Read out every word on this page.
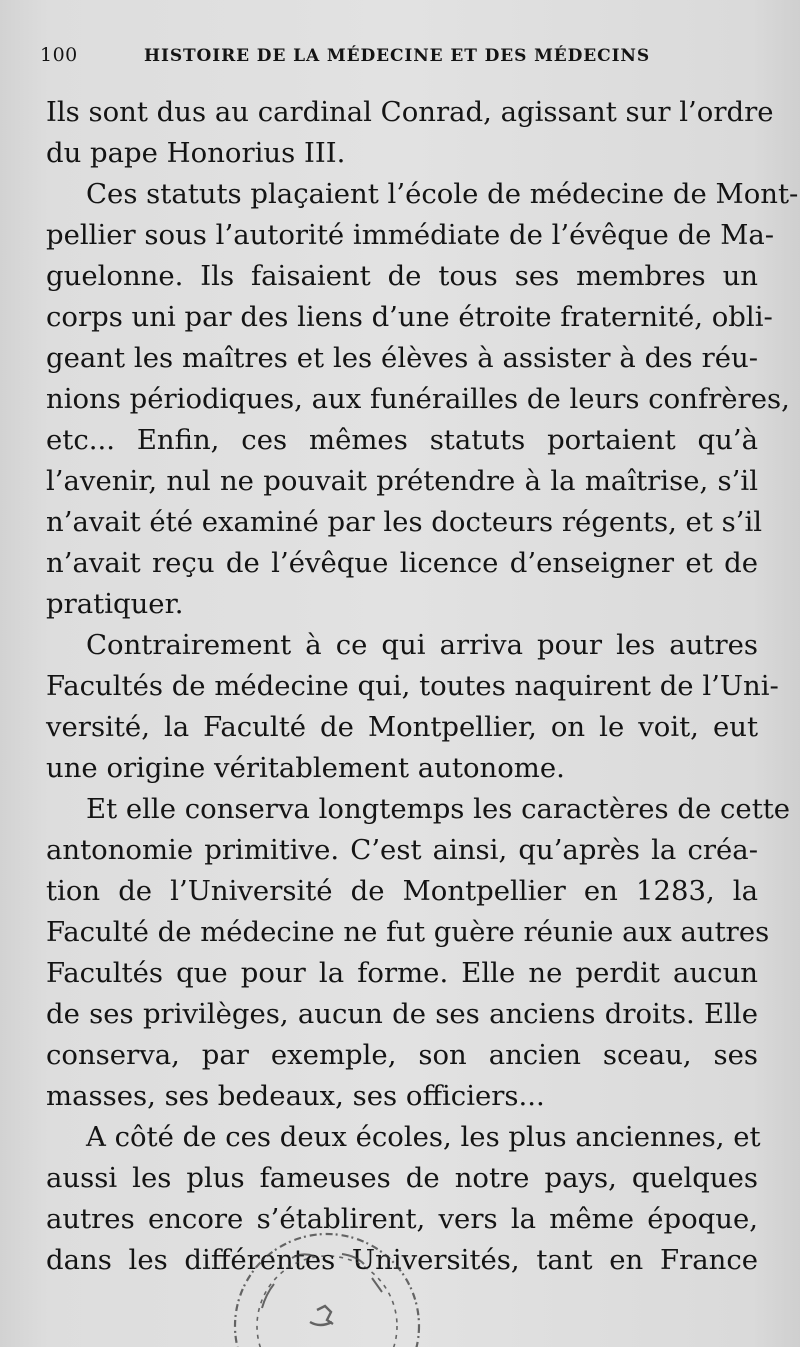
100	HISTOIRE DE LA MÉDECINE ET DES MÉDECINS
Ils sont dus au cardinal Conrad, agissant sur l’ordre
du pape Honorius III.
Ces statuts plaçaient l’école de médecine de Mont-
pellier sous l’autorité immédiate de l’évêque de Ma-
guelonne. Ils faisaient de tous ses membres un
corps uni par des liens d’une étroite fraternité, obli-
geant les maîtres et les élèves à assister à des réu-
nions périodiques, aux funérailles de leurs confrères,
etc... Enfin, ces mêmes statuts portaient qu’à
l’avenir, nul ne pouvait prétendre à la maîtrise, s’il
n’avait été examiné par les docteurs régents, et s’il
n’avait reçu de l’évêque licence d’enseigner et de
pratiquer.
Contrairement à ce qui arriva pour les autres
Facultés de médecine qui, toutes naquirent de l’Uni-
versité, la Faculté de Montpellier, on le voit, eut
une origine véritablement autonome.
Et elle conserva longtemps les caractères de cette
antonomie primitive. C’est ainsi, qu’après la créa-
tion de l’Université de Montpellier en 1283, la
Faculté de médecine ne fut guère réunie aux autres
Facultés que pour la forme. Elle ne perdit aucun
de ses privilèges, aucun de ses anciens droits. Elle
conserva, par exemple, son ancien sceau, ses
masses, ses bedeaux, ses officiers...
A côté de ces deux écoles, les plus anciennes, et
aussi les plus fameuses de notre pays, quelques
autres encore s’établirent, vers la même époque,
dans les différentes Universités, tant en France
